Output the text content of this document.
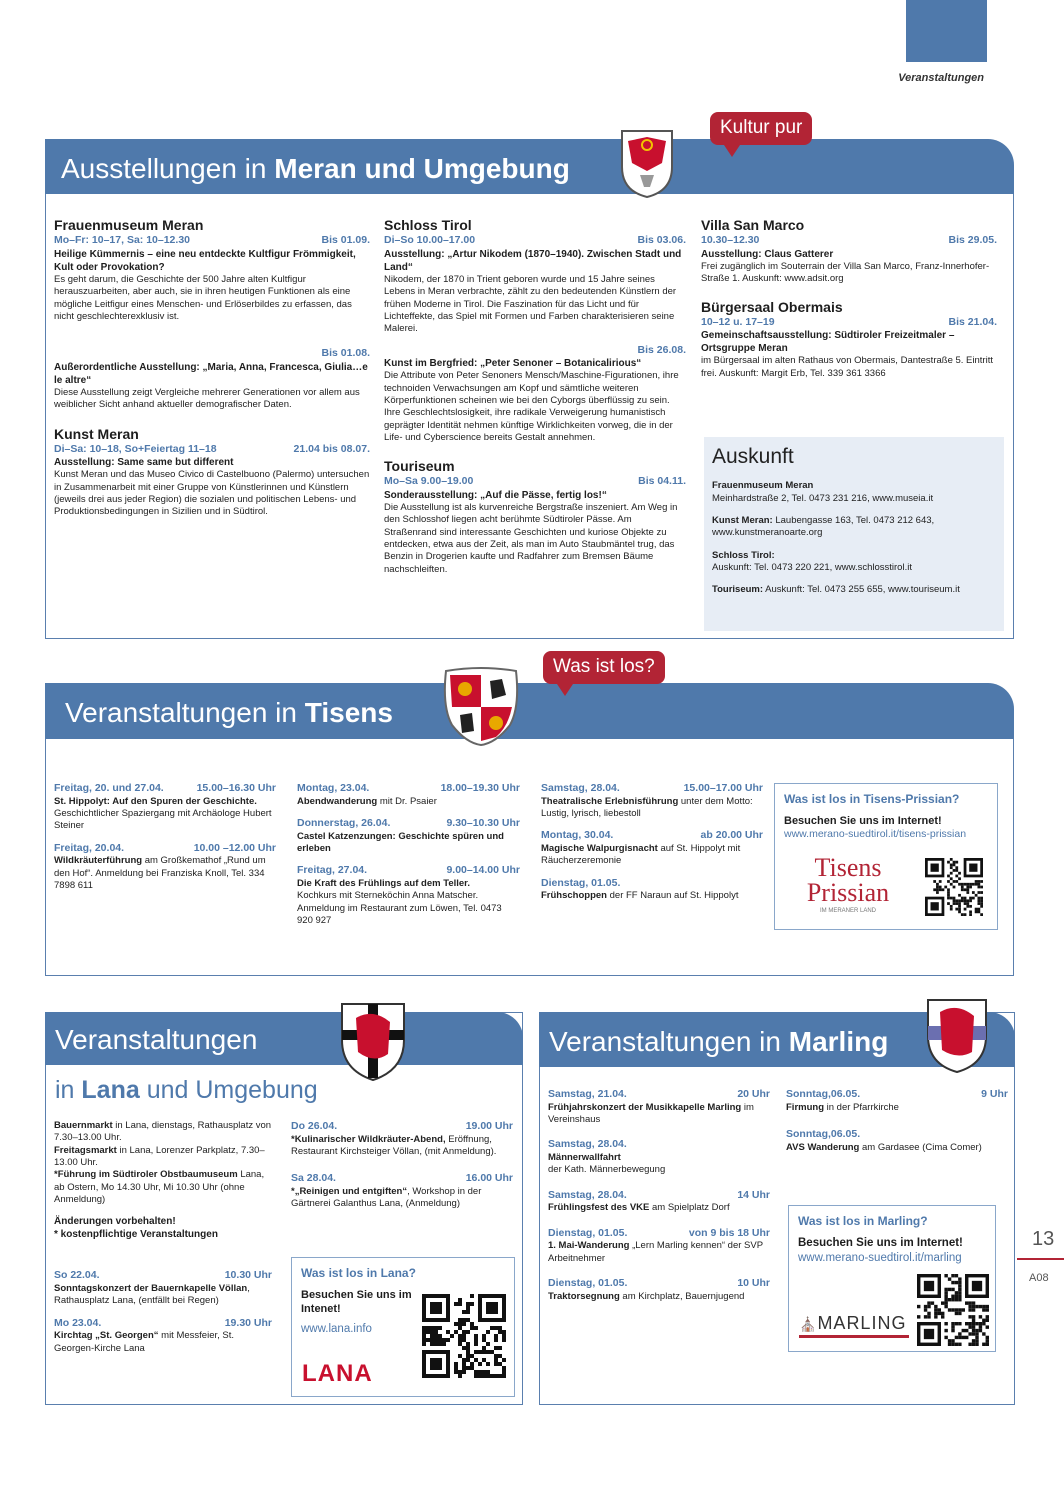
Veranstaltungen
Ausstellungen in Meran und Umgebung
Kultur pur
Frauenmuseum Meran
Mo–Fr: 10–17, Sa: 10–12.30	Bis 01.09.
Heilige Kümmernis – eine neu entdeckte Kultfigur Frömmigkeit, Kult oder Provokation?
Es geht darum, die Geschichte der 500 Jahre alten Kultfigur herauszuarbeiten, aber auch, sie in ihren heutigen Funktionen als eine mögliche Leitfigur eines Menschen- und Erlöserbildes zu erfassen, das nicht geschlechterexklusiv ist.
Bis 01.08.
Außerordentliche Ausstellung: „Maria, Anna, Francesca, Giulia…e le altre“
Diese Ausstellung zeigt Vergleiche mehrerer Generationen vor allem aus weiblicher Sicht anhand aktueller demografischer Daten.
Kunst Meran
Di–Sa: 10–18, So+Feiertag 11–18	21.04 bis 08.07.
Ausstellung: Same same but different
Kunst Meran und das Museo Civico di Castelbuono (Palermo) untersuchen in Zusammenarbeit mit einer Gruppe von Künstlerinnen und Künstlern (jeweils drei aus jeder Region) die sozialen und politischen Lebens- und Produktionsbedingungen in Sizilien und in Südtirol.
Schloss Tirol
Di–So 10.00–17.00	Bis 03.06.
Ausstellung: „Artur Nikodem (1870–1940). Zwischen Stadt und Land“
Nikodem, der 1870 in Trient geboren wurde und 15 Jahre seines Lebens in Meran verbrachte, zählt zu den bedeutenden Künstlern der frühen Moderne in Tirol. Die Faszination für das Licht und für Lichteffekte, das Spiel mit Formen und Farben charakterisieren seine Malerei.
Bis 26.08.
Kunst im Bergfried: „Peter Senoner – Botanicalirious“
Die Attribute von Peter Senoners Mensch/Maschine-Figurationen, ihre technoiden Verwachsungen am Kopf und sämtliche weiteren Körperfunktionen scheinen wie bei den Cyborgs überflüssig zu sein. Ihre Geschlechtslosigkeit, ihre radikale Verweigerung humanistisch geprägter Identität nehmen künftige Wirklichkeiten vorweg, die in der Life- und Cyberscience bereits Gestalt annehmen.
Touriseum
Mo–Sa 9.00–19.00	Bis 04.11.
Sonderausstellung: „Auf die Pässe, fertig los!“
Die Ausstellung ist als kurvenreiche Bergstraße inszeniert. Am Weg in den Schlosshof liegen acht berühmte Südtiroler Pässe. Am Straßenrand sind interessante Geschichten und kuriose Objekte zu entdecken, etwa aus der Zeit, als man im Auto Staubmäntel trug, das Benzin in Drogerien kaufte und Radfahrer zum Bremsen Bäume nachschleiften.
Villa San Marco
10.30–12.30	Bis 29.05.
Ausstellung: Claus Gatterer
Frei zugänglich im Souterrain der Villa San Marco, Franz-Innerhofer-Straße 1. Auskunft: www.adsit.org
Bürgersaal Obermais
10–12 u. 17–19	Bis 21.04.
Gemeinschaftsausstellung: Südtiroler Freizeitmaler – Ortsgruppe Meran
im Bürgersaal im alten Rathaus von Obermais, Dantestraße 5. Eintritt frei. Auskunft: Margit Erb, Tel. 339 361 3366
Auskunft
Frauenmuseum Meran
Meinhardstraße 2, Tel. 0473 231 216, www.museia.it
Kunst Meran: Laubengasse 163, Tel. 0473 212 643, www.kunstmeranoarte.org
Schloss Tirol:
Auskunft: Tel. 0473 220 221, www.schlosstirol.it
Touriseum: Auskunft: Tel. 0473 255 655, www.touriseum.it
Veranstaltungen in Tisens
Was ist los?
Freitag, 20. und 27.04.	15.00–16.30 Uhr
St. Hippolyt: Auf den Spuren der Geschichte.
Geschichtlicher Spaziergang mit Archäologe Hubert Steiner
Freitag, 20.04.	10.00 –12.00 Uhr
Wildkräuterführung am Großkemathof „Rund um den Hof“. Anmeldung bei Franziska Knoll, Tel. 334 7898 611
Montag, 23.04.	18.00–19.30 Uhr
Abendwanderung mit Dr. Psaier
Donnerstag, 26.04.	9.30–10.30 Uhr
Castel Katzenzungen: Geschichte spüren und erleben
Freitag, 27.04.	9.00–14.00 Uhr
Die Kraft des Frühlings auf dem Teller.
Kochkurs mit Sterneköchin Anna Matscher. Anmeldung im Restaurant zum Löwen, Tel. 0473 920 927
Samstag, 28.04.	15.00–17.00 Uhr
Theatralische Erlebnisführung unter dem Motto: Lustig, lyrisch, liebestoll
Montag, 30.04.	ab 20.00 Uhr
Magische Walpurgisnacht auf St. Hippolyt mit Räucherzeremonie
Dienstag, 01.05.
Frühschoppen der FF Naraun auf St. Hippolyt
Was ist los in Tisens-Prissian?
Besuchen Sie uns im Internet!
www.merano-suedtirol.it/tisens-prissian
Tisens
Prissian
IM MERANER LAND
Veranstaltungen
in Lana und Umgebung
Bauernmarkt in Lana, dienstags, Rathausplatz von 7.30–13.00 Uhr.
Freitagsmarkt in Lana, Lorenzer Parkplatz, 7.30–13.00 Uhr.
*Führung im Südtiroler Obstbaumuseum Lana, ab Ostern, Mo 14.30 Uhr, Mi 10.30 Uhr (ohne Anmeldung)
Änderungen vorbehalten!
* kostenpflichtige Veranstaltungen
So 22.04.	10.30 Uhr
Sonntagskonzert der Bauernkapelle Völlan, Rathausplatz Lana, (entfällt bei Regen)
Mo 23.04.	19.30 Uhr
Kirchtag „St. Georgen“ mit Messfeier, St. Georgen-Kirche Lana
Do 26.04.	19.00 Uhr
*Kulinarischer Wildkräuter-Abend, Eröffnung, Restaurant Kirchsteiger Völlan, (mit Anmeldung).
Sa 28.04.	16.00 Uhr
*„Reinigen und entgiften“, Workshop in der Gärtnerei Galanthus Lana, (Anmeldung)
Was ist los in Lana?
Besuchen Sie uns im Intenet!
www.lana.info
LANA
Veranstaltungen in Marling
Samstag, 21.04.	20 Uhr
Frühjahrskonzert der Musikkapelle Marling im Vereinshaus
Samstag, 28.04.
Männerwallfahrt
der Kath. Männerbewegung
Samstag, 28.04.	14 Uhr
Frühlingsfest des VKE am Spielplatz Dorf
Dienstag, 01.05.	von 9 bis 18 Uhr
1. Mai-Wanderung „Lern Marling kennen“ der SVP Arbeitnehmer
Dienstag, 01.05.	10 Uhr
Traktorsegnung am Kirchplatz, Bauernjugend
Sonntag,06.05.	9 Uhr
Firmung in der Pfarrkirche
Sonntag,06.05.
AVS Wanderung am Gardasee (Cima Comer)
Was ist los in Marling?
Besuchen Sie uns im Internet!
www.merano-suedtirol.it/marling
⛪MARLING
13
A08
